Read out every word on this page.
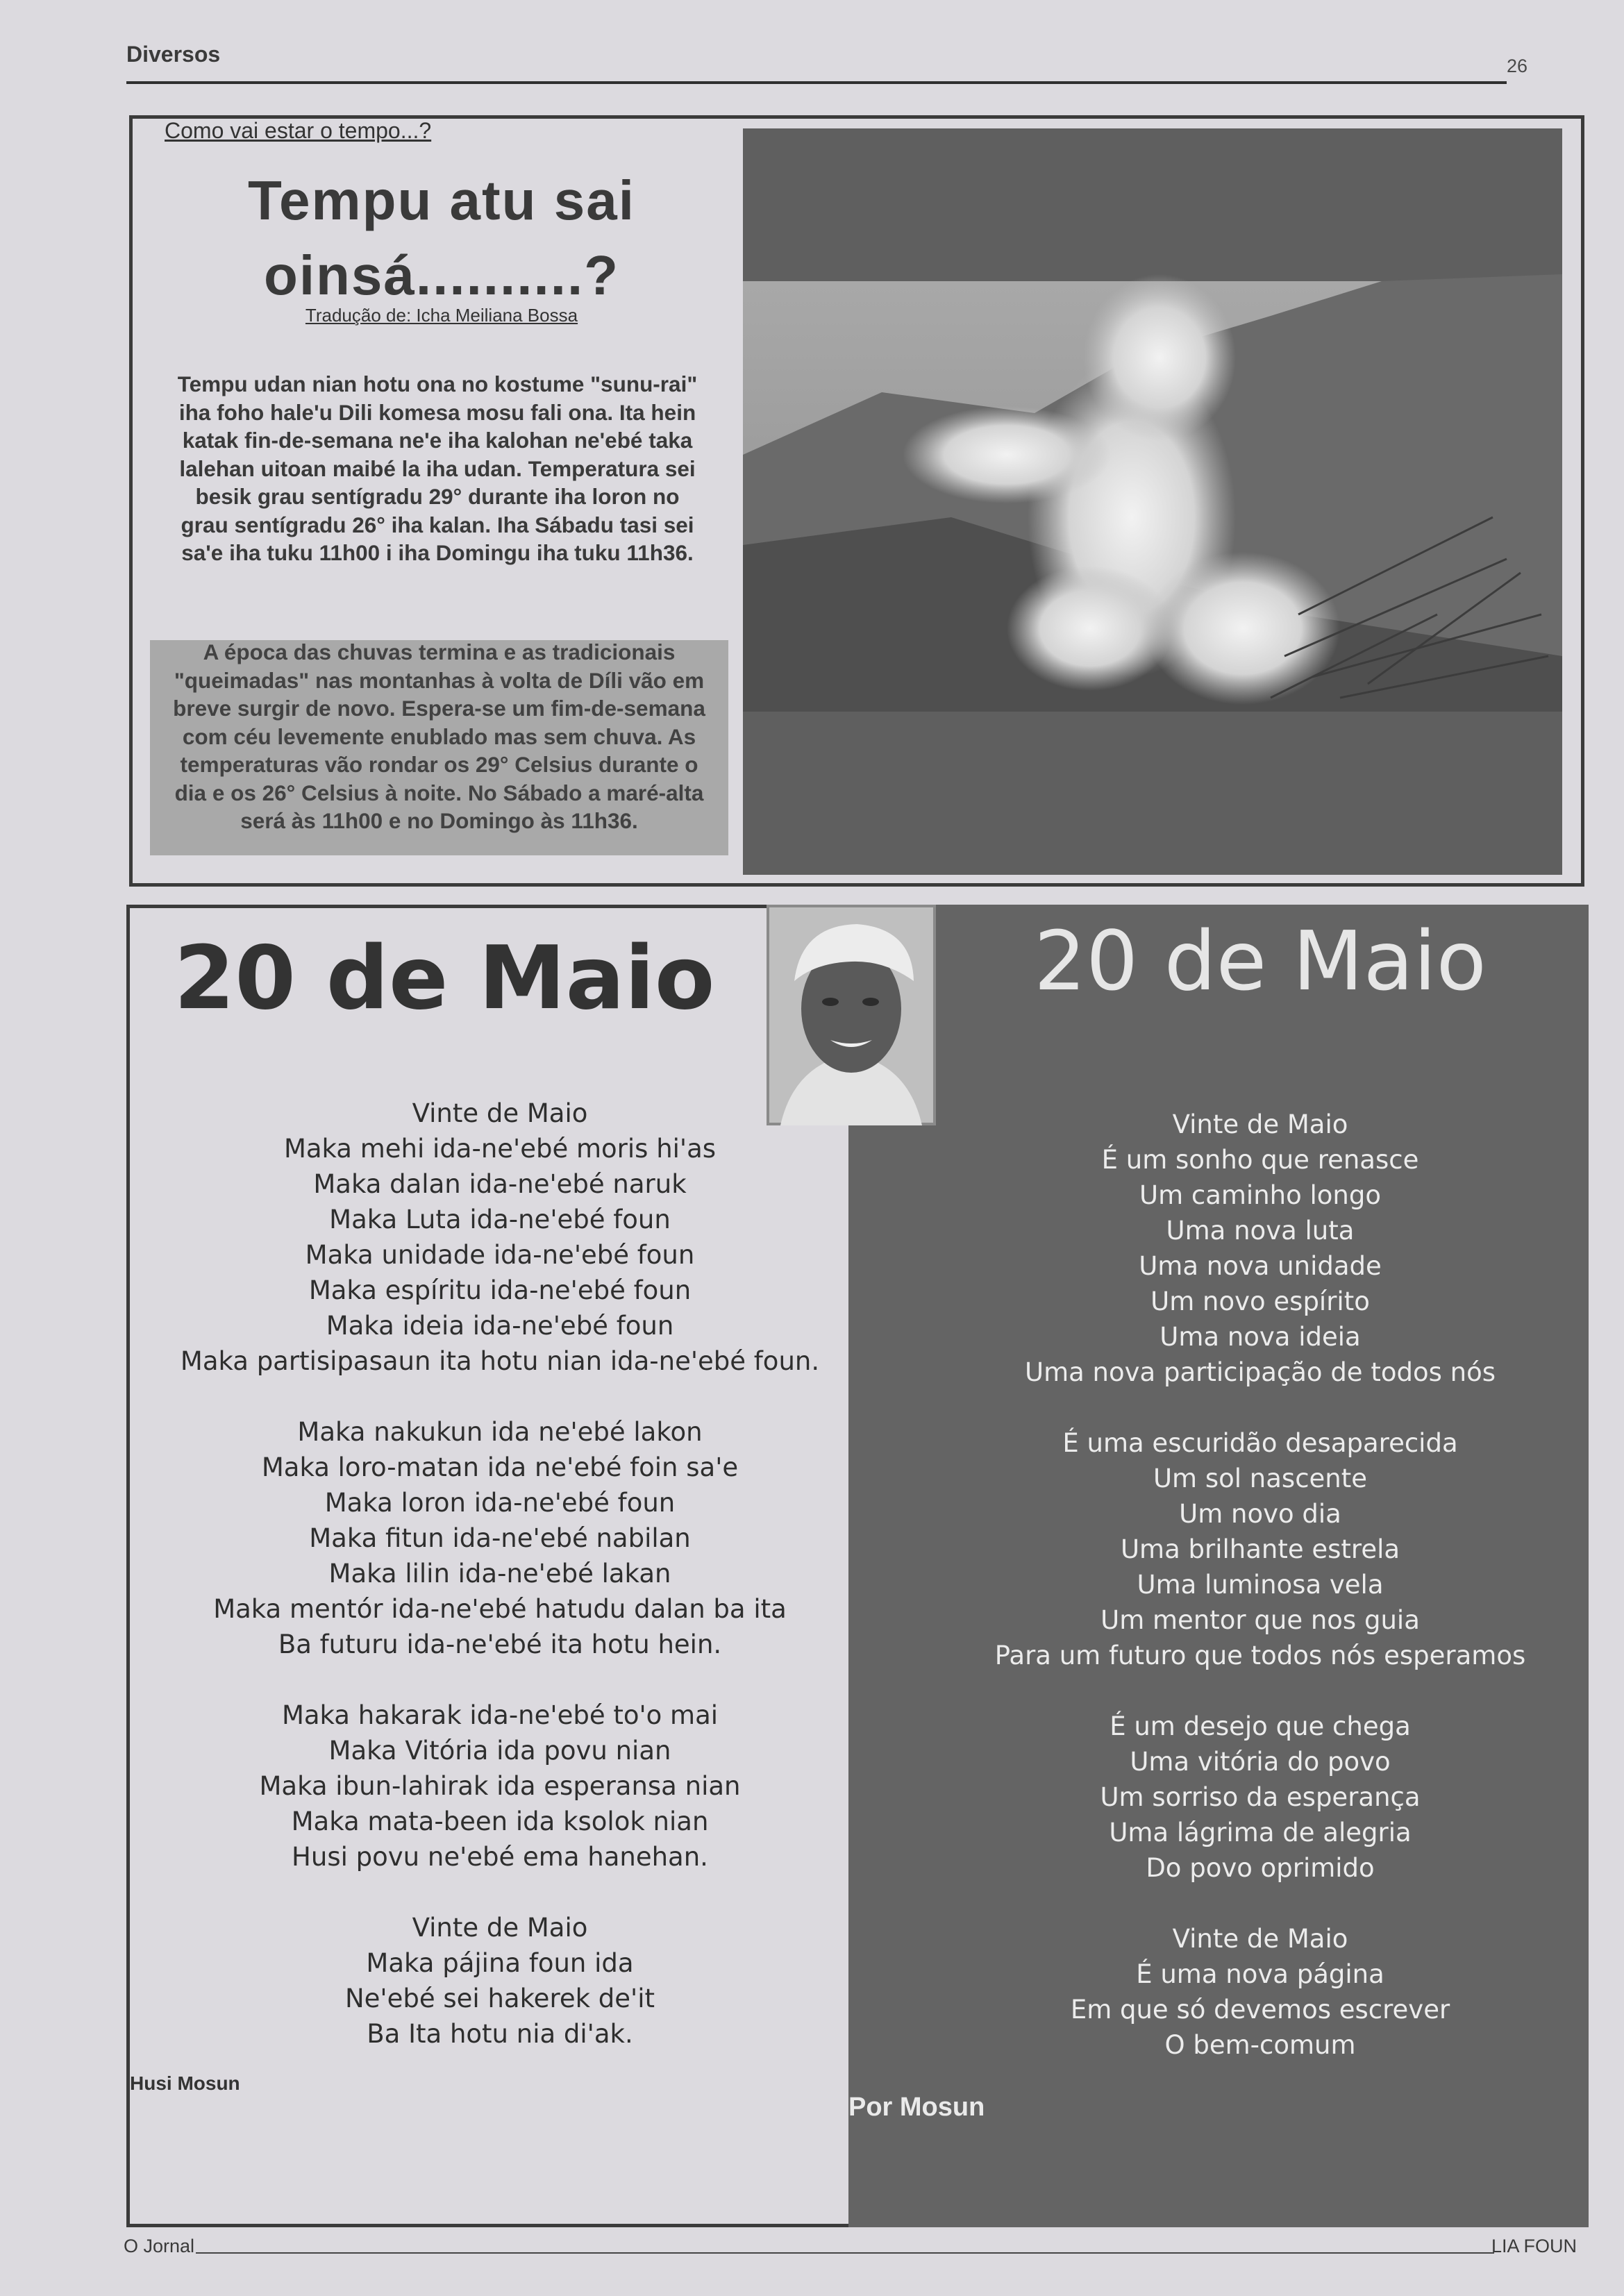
Diversos	26
Como vai estar o tempo...?
Tempu atu sai
oinsá..........?
Tradução de: Icha Meiliana Bossa
Tempu udan nian hotu ona no kostume "sunu-rai"
iha foho hale'u Dili komesa mosu fali ona. Ita hein
katak fin-de-semana ne'e iha kalohan ne'ebé taka
lalehan uitoan maibé la iha udan. Temperatura sei
besik grau sentígradu 29° durante iha loron no
grau sentígradu 26° iha kalan. Iha Sábadu tasi sei
sa'e iha tuku 11h00 i iha Domingu iha tuku 11h36.
A época das chuvas termina e as tradicionais
"queimadas" nas montanhas à volta de Díli vão em
breve surgir de novo. Espera-se um fim-de-semana
com céu levemente enublado mas sem chuva. As
temperaturas vão rondar os 29° Celsius durante o
dia e os 26° Celsius à noite. No Sábado a maré-alta
será às 11h00 e no Domingo às 11h36.
20 de Maio	20 de Maio
Vinte de Maio
Maka mehi ida-ne'ebé moris hi'as
Maka dalan ida-ne'ebé naruk
Maka Luta ida-ne'ebé foun
Maka unidade ida-ne'ebé foun
Maka espíritu ida-ne'ebé foun
Maka ideia ida-ne'ebé foun
Maka partisipasaun ita hotu nian ida-ne'ebé foun.
Maka nakukun ida ne'ebé lakon
Maka loro-matan ida ne'ebé foin sa'e
Maka loron ida-ne'ebé foun
Maka fitun ida-ne'ebé nabilan
Maka lilin ida-ne'ebé lakan
Maka mentór ida-ne'ebé hatudu dalan ba ita
Ba futuru ida-ne'ebé ita hotu hein.
Maka hakarak ida-ne'ebé to'o mai
Maka Vitória ida povu nian
Maka ibun-lahirak ida esperansa nian
Maka mata-been ida ksolok nian
Husi povu ne'ebé ema hanehan.
Vinte de Maio
Maka pájina foun ida
Ne'ebé sei hakerek de'it
Ba Ita hotu nia di'ak.
Vinte de Maio
É um sonho que renasce
Um caminho longo
Uma nova luta
Uma nova unidade
Um novo espírito
Uma nova ideia
Uma nova participação de todos nós
É uma escuridão desaparecida
Um sol nascente
Um novo dia
Uma brilhante estrela
Uma luminosa vela
Um mentor que nos guia
Para um futuro que todos nós esperamos
É um desejo que chega
Uma vitória do povo
Um sorriso da esperança
Uma lágrima de alegria
Do povo oprimido
Vinte de Maio
É uma nova página
Em que só devemos escrever
O bem-comum
Husi Mosun
Por Mosun
O Jornal	LIA FOUN
